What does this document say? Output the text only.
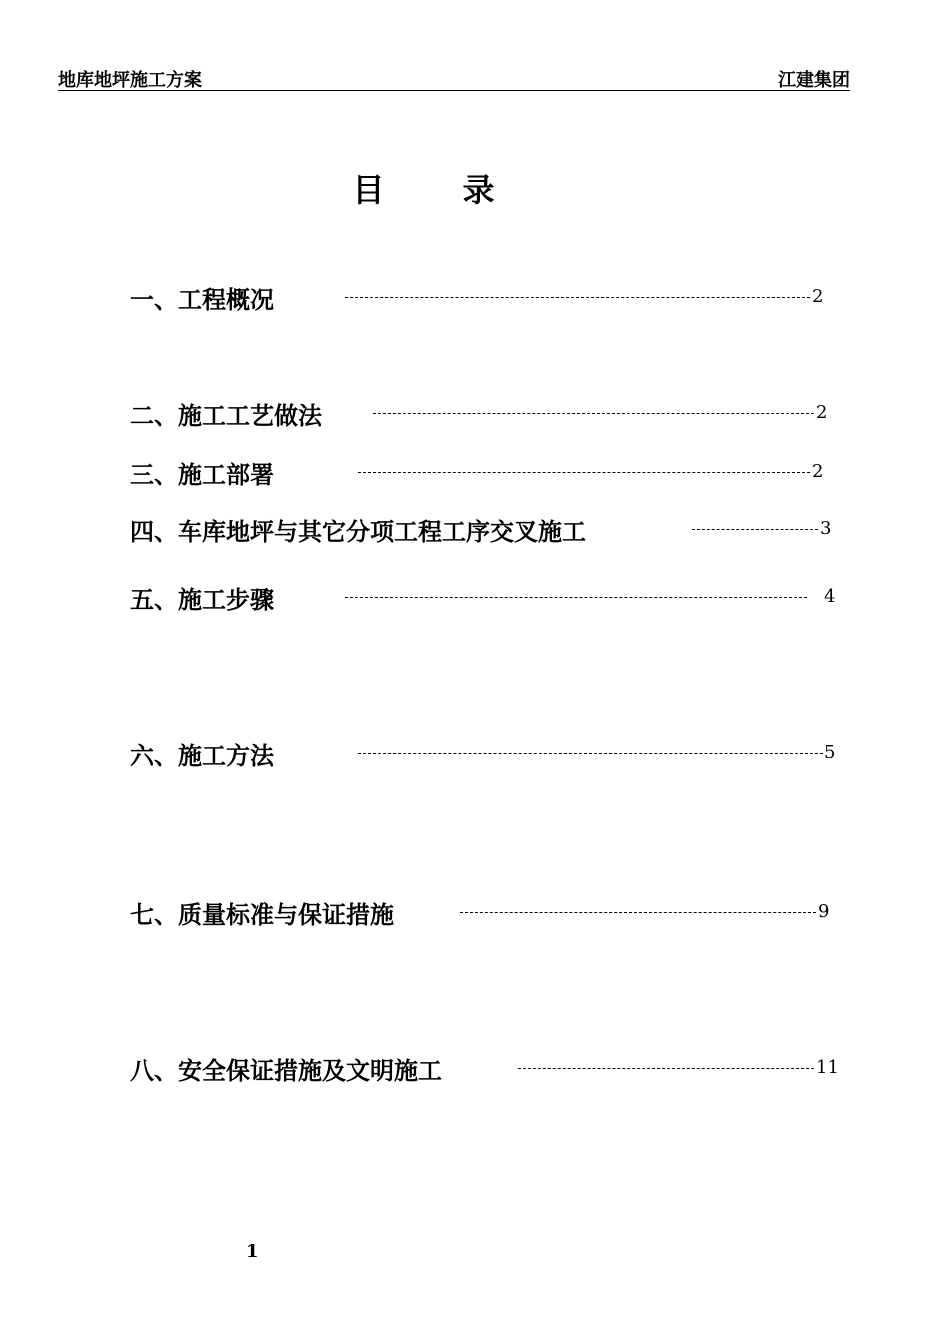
地库地坪施工方案	江建集团
目录
一、工程概况	2
二、施工工艺做法	2
三、施工部署	2
四、车库地坪与其它分项工程工序交叉施工	3
五、施工步骤	4
六、施工方法	5
七、质量标准与保证措施	9
八、安全保证措施及文明施工	11
1
